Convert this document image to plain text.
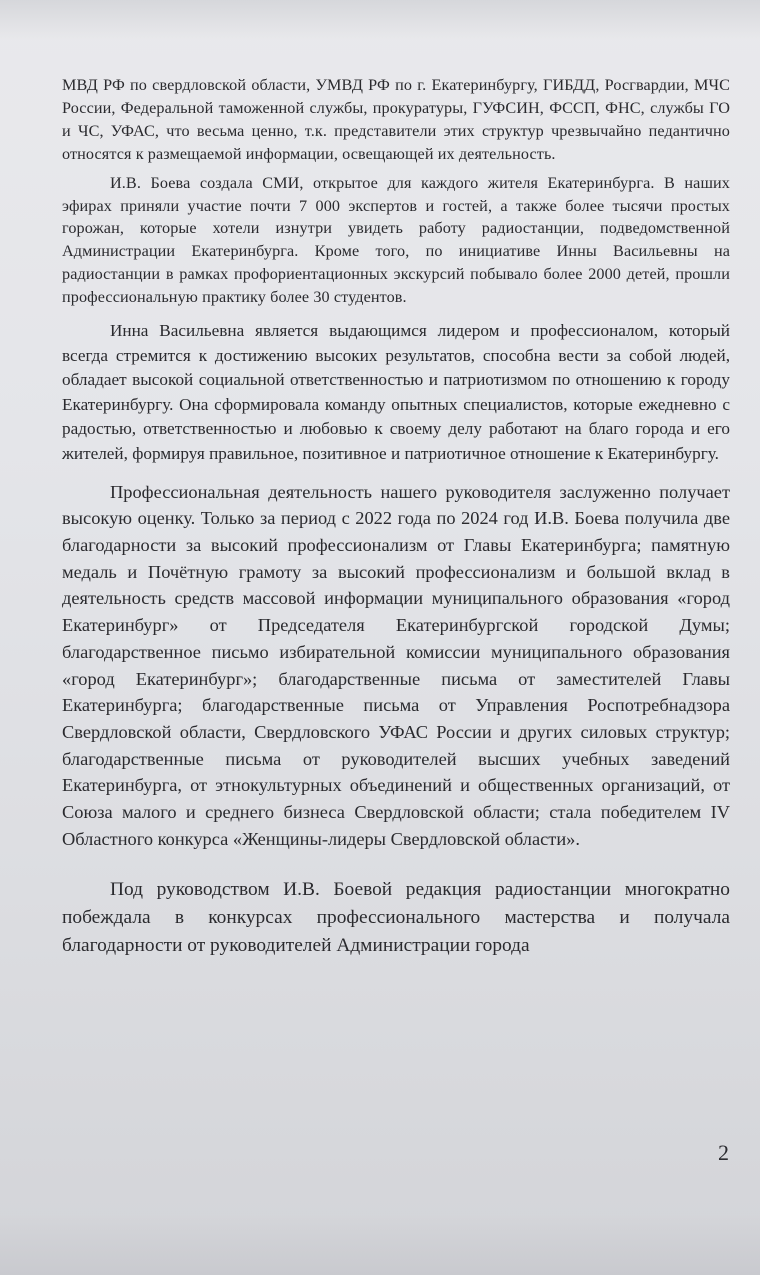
МВД РФ по свердловской области, УМВД РФ по г. Екатеринбургу, ГИБДД, Росгвардии, МЧС России, Федеральной таможенной службы, прокуратуры, ГУФСИН, ФССП, ФНС, службы ГО и ЧС, УФАС, что весьма ценно, т.к. представители этих структур чрезвычайно педантично относятся к размещаемой информации, освещающей их деятельность.

И.В. Боева создала СМИ, открытое для каждого жителя Екатеринбурга. В наших эфирах приняли участие почти 7 000 экспертов и гостей, а также более тысячи простых горожан, которые хотели изнутри увидеть работу радиостанции, подведомственной Администрации Екатеринбурга. Кроме того, по инициативе Инны Васильевны на радиостанции в рамках профориентационных экскурсий побывало более 2000 детей, прошли профессиональную практику более 30 студентов.

Инна Васильевна является выдающимся лидером и профессионалом, который всегда стремится к достижению высоких результатов, способна вести за собой людей, обладает высокой социальной ответственностью и патриотизмом по отношению к городу Екатеринбургу. Она сформировала команду опытных специалистов, которые ежедневно с радостью, ответственностью и любовью к своему делу работают на благо города и его жителей, формируя правильное, позитивное и патриотичное отношение к Екатеринбургу.

Профессиональная деятельность нашего руководителя заслуженно получает высокую оценку. Только за период с 2022 года по 2024 год И.В. Боева получила две благодарности за высокий профессионализм от Главы Екатеринбурга; памятную медаль и Почётную грамоту за высокий профессионализм и большой вклад в деятельность средств массовой информации муниципального образования «город Екатеринбург» от Председателя Екатеринбургской городской Думы; благодарственное письмо избирательной комиссии муниципального образования «город Екатеринбург»; благодарственные письма от заместителей Главы Екатеринбурга; благодарственные письма от Управления Роспотребнадзора Свердловской области, Свердловского УФАС России и других силовых структур; благодарственные письма от руководителей высших учебных заведений Екатеринбурга, от этнокультурных объединений и общественных организаций, от Союза малого и среднего бизнеса Свердловской области; стала победителем IV Областного конкурса «Женщины-лидеры Свердловской области».

Под руководством И.В. Боевой редакция радиостанции многократно побеждала в конкурсах профессионального мастерства и получала благодарности от руководителей Администрации города

2
